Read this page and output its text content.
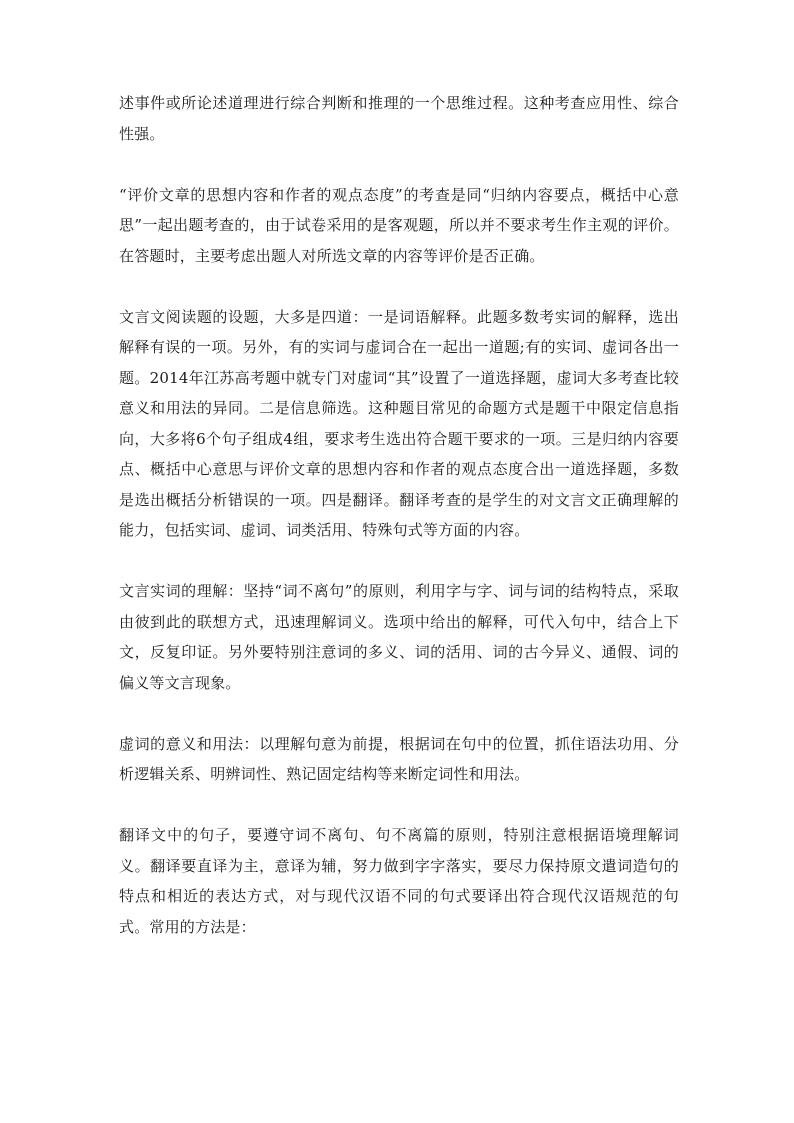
述事件或所论述道理进行综合判断和推理的一个思维过程。这种考查应用性、综合性强。

“评价文章的思想内容和作者的观点态度”的考查是同“归纳内容要点，概括中心意思”一起出题考查的，由于试卷采用的是客观题，所以并不要求考生作主观的评价。在答题时，主要考虑出题人对所选文章的内容等评价是否正确。

文言文阅读题的设题，大多是四道：一是词语解释。此题多数考实词的解释，选出解释有误的一项。另外，有的实词与虚词合在一起出一道题;有的实词、虚词各出一题。2014年江苏高考题中就专门对虚词“其”设置了一道选择题，虚词大多考查比较意义和用法的异同。二是信息筛选。这种题目常见的命题方式是题干中限定信息指向，大多将6个句子组成4组，要求考生选出符合题干要求的一项。三是归纳内容要点、概括中心意思与评价文章的思想内容和作者的观点态度合出一道选择题，多数是选出概括分析错误的一项。四是翻译。翻译考查的是学生的对文言文正确理解的能力，包括实词、虚词、词类活用、特殊句式等方面的内容。

文言实词的理解：坚持“词不离句”的原则，利用字与字、词与词的结构特点，采取由彼到此的联想方式，迅速理解词义。选项中给出的解释，可代入句中，结合上下文，反复印证。另外要特别注意词的多义、词的活用、词的古今异义、通假、词的偏义等文言现象。

虚词的意义和用法：以理解句意为前提，根据词在句中的位置，抓住语法功用、分析逻辑关系、明辨词性、熟记固定结构等来断定词性和用法。

翻译文中的句子，要遵守词不离句、句不离篇的原则，特别注意根据语境理解词义。翻译要直译为主，意译为辅，努力做到字字落实，要尽力保持原文遣词造句的特点和相近的表达方式，对与现代汉语不同的句式要译出符合现代汉语规范的句式。常用的方法是：
